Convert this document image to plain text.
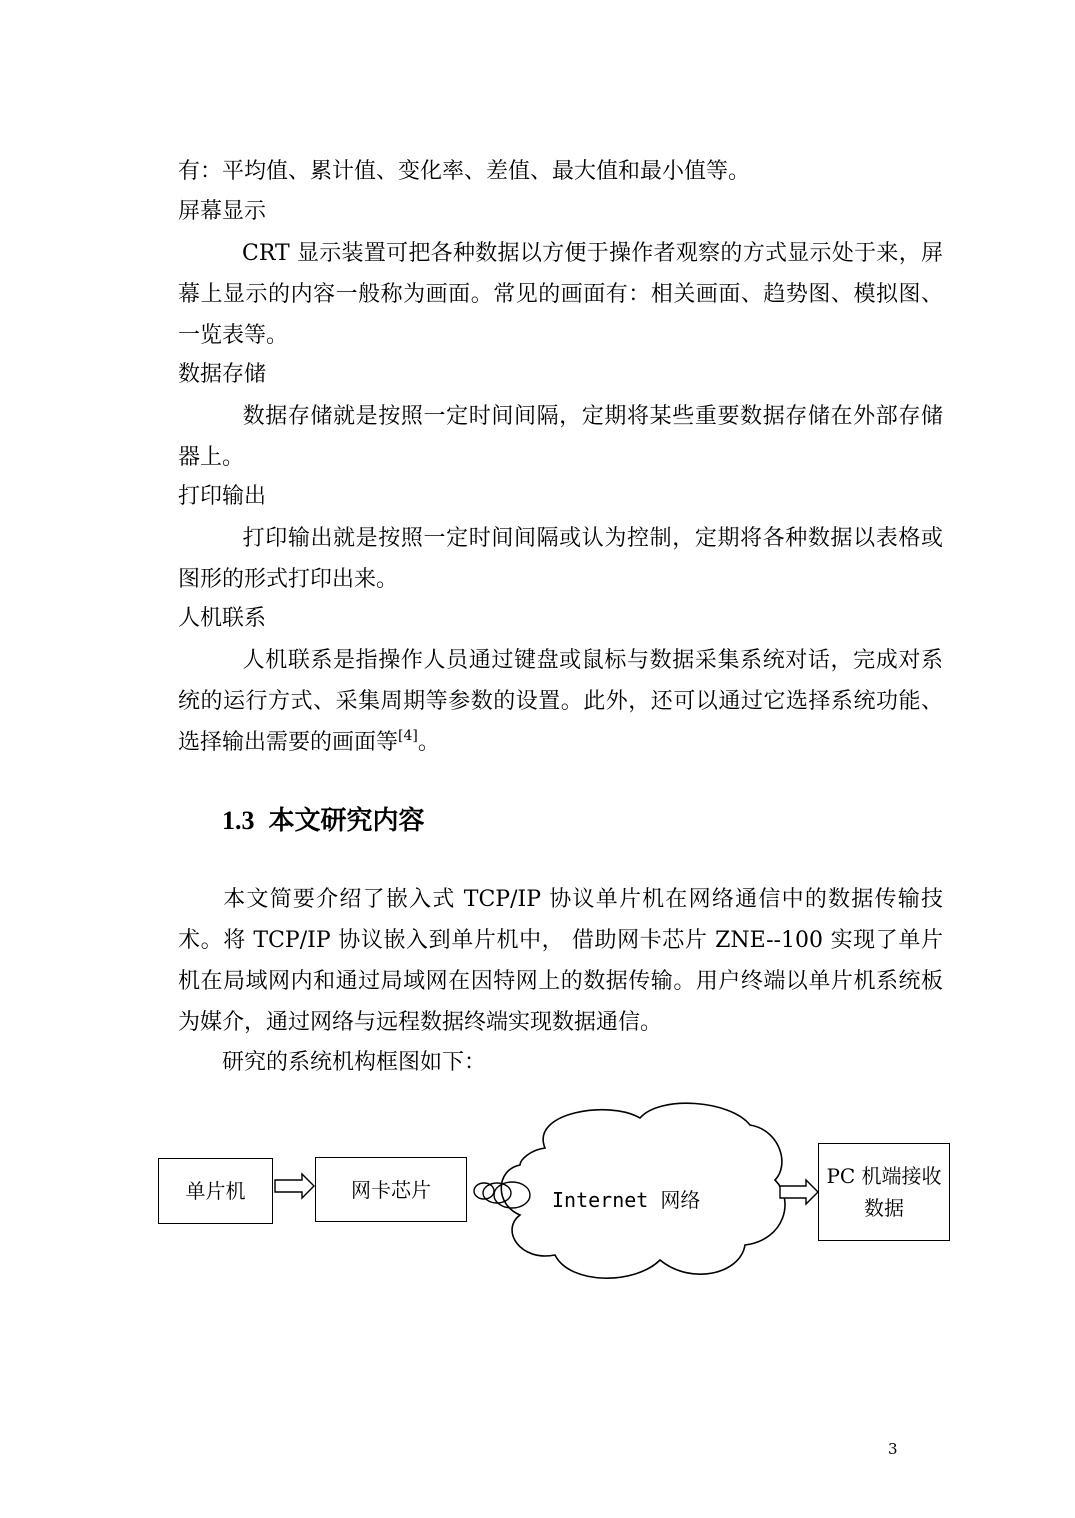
有：平均值、累计值、变化率、差值、最大值和最小值等。
屏幕显示
CRT 显示装置可把各种数据以方便于操作者观察的方式显示处于来，屏幕上显示的内容一般称为画面。常见的画面有：相关画面、趋势图、模拟图、一览表等。
数据存储
数据存储就是按照一定时间间隔，定期将某些重要数据存储在外部存储器上。
打印输出
打印输出就是按照一定时间间隔或认为控制，定期将各种数据以表格或图形的形式打印出来。
人机联系
人机联系是指操作人员通过键盘或鼠标与数据采集系统对话，完成对系统的运行方式、采集周期等参数的设置。此外，还可以通过它选择系统功能、选择输出需要的画面等[4]。
1.3 本文研究内容
本文简要介绍了嵌入式 TCP/IP 协议单片机在网络通信中的数据传输技术。将 TCP/IP 协议嵌入到单片机中， 借助网卡芯片 ZNE--100 实现了单片机在局域网内和通过局域网在因特网上的数据传输。用户终端以单片机系统板为媒介，通过网络与远程数据终端实现数据通信。
研究的系统机构框图如下：
单片机	网卡芯片	Internet 网络
PC 机端接收
数据
3
